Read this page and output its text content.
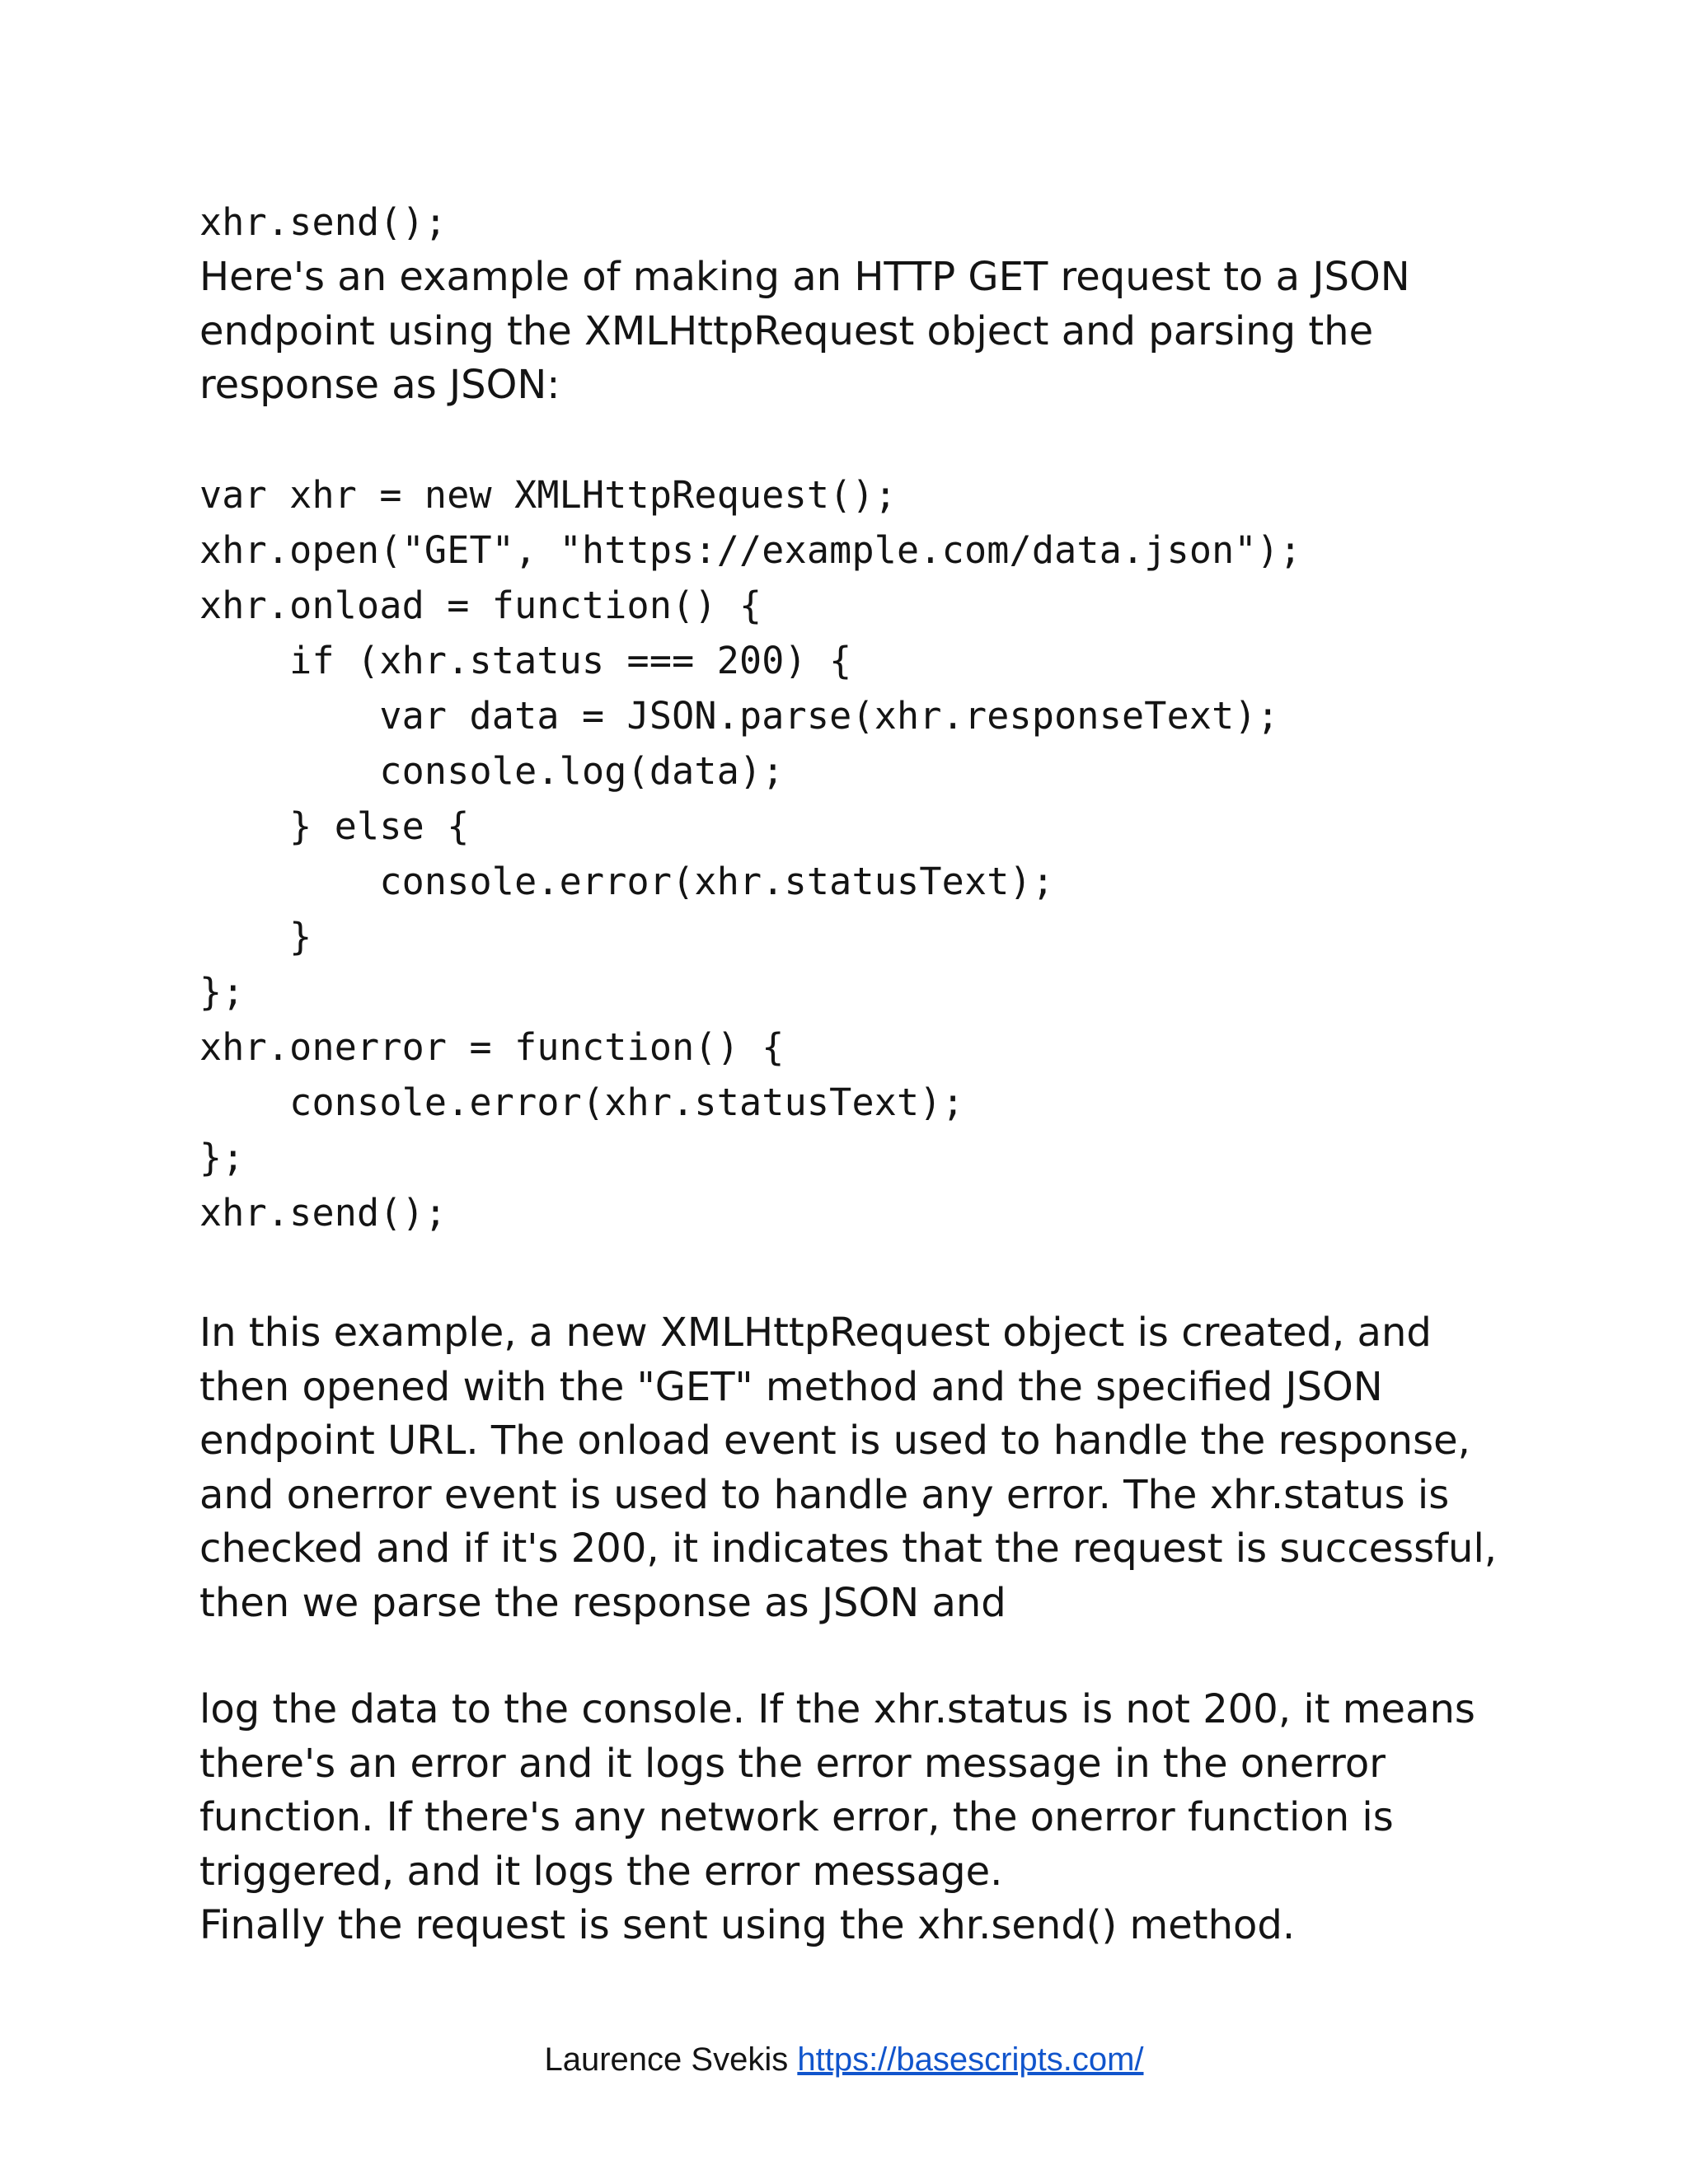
xhr.send();

Here's an example of making an HTTP GET request to a JSON
endpoint using the XMLHttpRequest object and parsing the
response as JSON:

var xhr = new XMLHttpRequest();
xhr.open("GET", "https://example.com/data.json");
xhr.onload = function() {
if (xhr.status === 200) {
var data = JSON.parse(xhr.responseText);
console.log(data);
} else {
console.error(xhr.statusText);
}
};
xhr.onerror = function() {
console.error(xhr.statusText);
};
xhr.send();

In this example, a new XMLHttpRequest object is created, and
then opened with the "GET" method and the specified JSON
endpoint URL. The onload event is used to handle the response,
and onerror event is used to handle any error. The xhr.status is
checked and if it's 200, it indicates that the request is successful,
then we parse the response as JSON and

log the data to the console. If the xhr.status is not 200, it means
there's an error and it logs the error message in the onerror
function. If there's any network error, the onerror function is
triggered, and it logs the error message.
Finally the request is sent using the xhr.send() method.

Laurence Svekis https://basescripts.com/
